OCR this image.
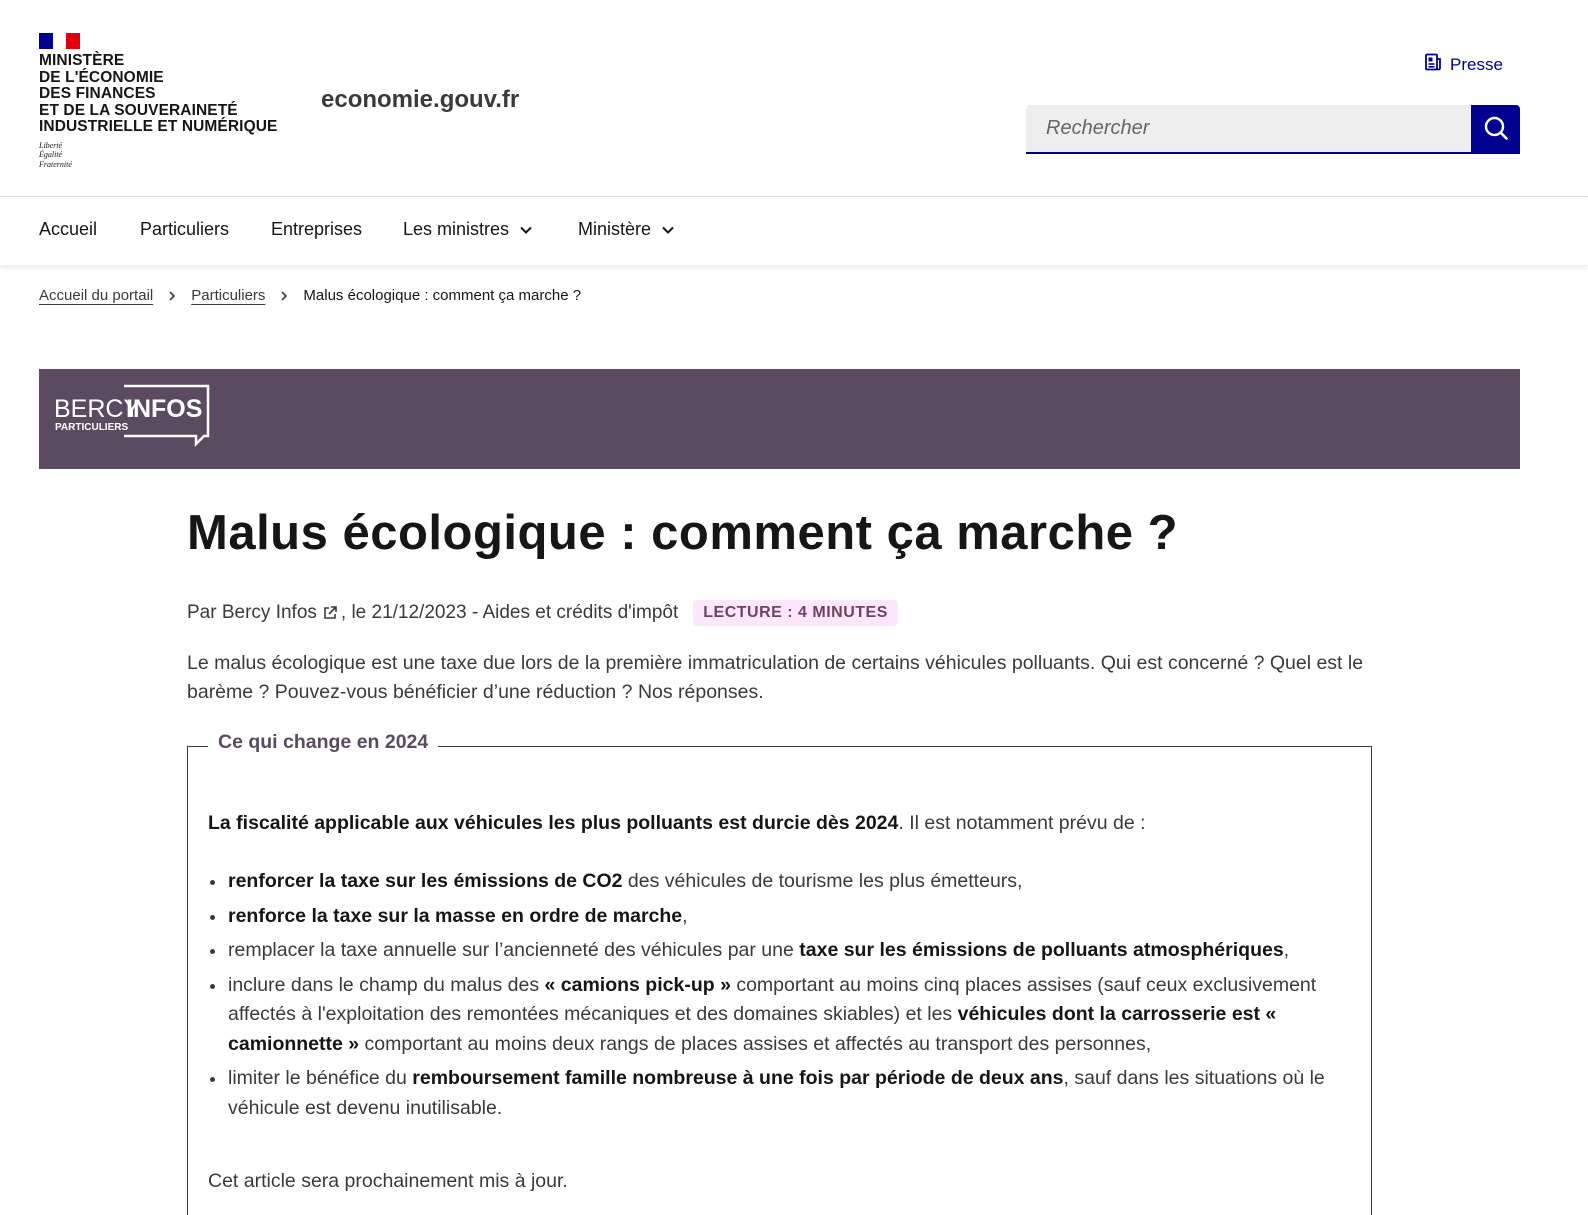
MINISTÈRE
DE L'ÉCONOMIE
DES FINANCES
ET DE LA SOUVERAINETÉ
INDUSTRIELLE ET NUMÉRIQUE
Liberté
Égalité
Fraternité
economie.gouv.fr
Presse
Rechercher
Accueil Particuliers Entreprises Les ministres	Ministère
Accueil du portail	Particuliers	Malus écologique : comment ça marche ?
BERCY
INFOS
PARTICULIERS
Malus écologique : comment ça marche ?
Par Bercy Infos , le 21/12/2023 - Aides et crédits d'impôt	LECTURE : 4 MINUTES

Le malus écologique est une taxe due lors de la première immatriculation de certains véhicules polluants. Qui est concerné ? Quel est le barème ? Pouvez-vous bénéficier d’une réduction ? Nos réponses.

Ce qui change en 2024

La fiscalité applicable aux véhicules les plus polluants est durcie dès 2024. Il est notamment prévu de :

renforcer la taxe sur les émissions de CO2 des véhicules de tourisme les plus émetteurs,
renforce la taxe sur la masse en ordre de marche,
remplacer la taxe annuelle sur l’ancienneté des véhicules par une taxe sur les émissions de polluants atmosphériques,
inclure dans le champ du malus des « camions pick-up » comportant au moins cinq places assises (sauf ceux exclusivement affectés à l'exploitation des remontées mécaniques et des domaines skiables) et les véhicules dont la carrosserie est « camionnette » comportant au moins deux rangs de places assises et affectés au transport des personnes,
limiter le bénéfice du remboursement famille nombreuse à une fois par période de deux ans, sauf dans les situations où le véhicule est devenu inutilisable.

Cet article sera prochainement mis à jour.
